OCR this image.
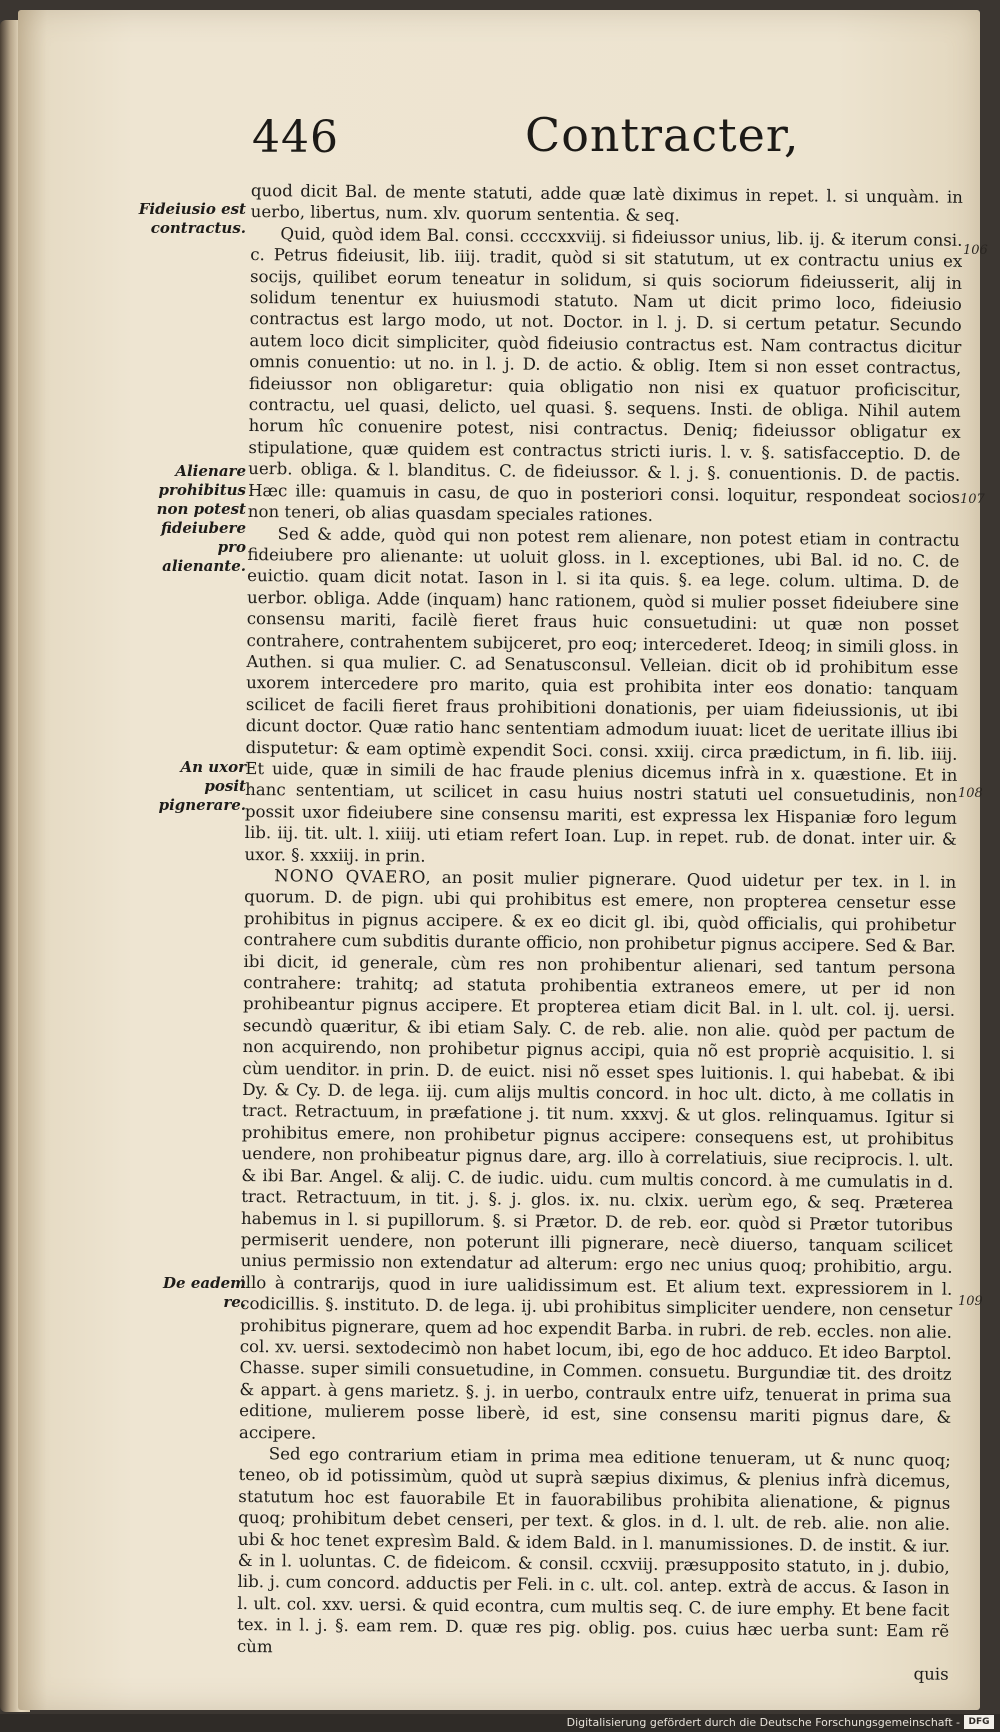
446	Contracter,
Fideiusio est contractus.
Alienare prohibitus non potest fideiubere pro alienante.
An uxor posit pignerare.
De eadem re.
106
107
108
109

quod dicit Bal. de mente statuti, adde quæ latè diximus in repet. l. si unquàm. in uerbo, libertus, num. xlv. quorum sententia. & seq.

Quid, quòd idem Bal. consi. ccccxxviij. si fideiussor unius, lib. ij. & iterum consi. c. Petrus fideiusit, lib. iiij. tradit, quòd si sit statutum, ut ex contractu unius ex socijs, quilibet eorum teneatur in solidum, si quis sociorum fideiusserit, alij in solidum tenentur ex huiusmodi statuto. Nam ut dicit primo loco, fideiusio contractus est largo modo, ut not. Doctor. in l. j. D. si certum petatur. Secundo autem loco dicit simpliciter, quòd fideiusio contractus est. Nam contractus dicitur omnis conuentio: ut no. in l. j. D. de actio. & oblig. Item si non esset contractus, fideiussor non obligaretur: quia obligatio non nisi ex quatuor proficiscitur, contractu, uel quasi, delicto, uel quasi. §. sequens. Insti. de obliga. Nihil autem horum hîc conuenire potest, nisi contractus. Deniq; fideiussor obligatur ex stipulatione, quæ quidem est contractus stricti iuris. l. v. §. satisfacceptio. D. de uerb. obliga. & l. blanditus. C. de fideiussor. & l. j. §. conuentionis. D. de pactis. Hæc ille: quamuis in casu, de quo in posteriori consi. loquitur, respondeat socios non teneri, ob alias quasdam speciales rationes.

Sed & adde, quòd qui non potest rem alienare, non potest etiam in contractu fideiubere pro alienante: ut uoluit gloss. in l. exceptiones, ubi Bal. id no. C. de euictio. quam dicit notat. Iason in l. si ita quis. §. ea lege. colum. ultima. D. de uerbor. obliga. Adde (inquam) hanc rationem, quòd si mulier posset fideiubere sine consensu mariti, facilè fieret fraus huic consuetudini: ut quæ non posset contrahere, contrahentem subijceret, pro eoq; intercederet. Ideoq; in simili gloss. in Authen. si qua mulier. C. ad Senatusconsul. Velleian. dicit ob id prohibitum esse uxorem intercedere pro marito, quia est prohibita inter eos donatio: tanquam scilicet de facili fieret fraus prohibitioni donationis, per uiam fideiussionis, ut ibi dicunt doctor. Quæ ratio hanc sententiam admodum iuuat: licet de ueritate illius ibi disputetur: & eam optimè expendit Soci. consi. xxiij. circa prædictum, in fi. lib. iiij. Et uide, quæ in simili de hac fraude plenius dicemus infrà in x. quæstione. Et in hanc sententiam, ut scilicet in casu huius nostri statuti uel consuetudinis, non possit uxor fideiubere sine consensu mariti, est expressa lex Hispaniæ foro legum lib. iij. tit. ult. l. xiiij. uti etiam refert Ioan. Lup. in repet. rub. de donat. inter uir. & uxor. §. xxxiij. in prin.

NONO QVAERO, an posit mulier pignerare. Quod uidetur per tex. in l. in quorum. D. de pign. ubi qui prohibitus est emere, non propterea censetur esse prohibitus in pignus accipere. & ex eo dicit gl. ibi, quòd officialis, qui prohibetur contrahere cum subditis durante officio, non prohibetur pignus accipere. Sed & Bar. ibi dicit, id generale, cùm res non prohibentur alienari, sed tantum persona contrahere: trahitq; ad statuta prohibentia extraneos emere, ut per id non prohibeantur pignus accipere. Et propterea etiam dicit Bal. in l. ult. col. ij. uersi. secundò quæritur, & ibi etiam Saly. C. de reb. alie. non alie. quòd per pactum de non acquirendo, non prohibetur pignus accipi, quia nõ est propriè acquisitio. l. si cùm uenditor. in prin. D. de euict. nisi nõ esset spes luitionis. l. qui habebat. & ibi Dy. & Cy. D. de lega. iij. cum alijs multis concord. in hoc ult. dicto, à me collatis in tract. Retractuum, in præfatione j. tit num. xxxvj. & ut glos. relinquamus. Igitur si prohibitus emere, non prohibetur pignus accipere: consequens est, ut prohibitus uendere, non prohibeatur pignus dare, arg. illo à correlatiuis, siue reciprocis. l. ult. & ibi Bar. Angel. & alij. C. de iudic. uidu. cum multis concord. à me cumulatis in d. tract. Retractuum, in tit. j. §. j. glos. ix. nu. clxix. uerùm ego, & seq. Præterea habemus in l. si pupillorum. §. si Prætor. D. de reb. eor. quòd si Prætor tutoribus permiserit uendere, non poterunt illi pignerare, necè diuerso, tanquam scilicet unius permissio non extendatur ad alterum: ergo nec unius quoq; prohibitio, argu. illo à contrarijs, quod in iure ualidissimum est. Et alium text. expressiorem in l. codicillis. §. instituto. D. de lega. ij. ubi prohibitus simpliciter uendere, non censetur prohibitus pignerare, quem ad hoc expendit Barba. in rubri. de reb. eccles. non alie. col. xv. uersi. sextodecimò non habet locum, ibi, ego de hoc adduco. Et ideo Barptol. Chasse. super simili consuetudine, in Commen. consuetu. Burgundiæ tit. des droitz & appart. à gens marietz. §. j. in uerbo, contraulx entre uifz, tenuerat in prima sua editione, mulierem posse liberè, id est, sine consensu mariti pignus dare, & accipere.

Sed ego contrarium etiam in prima mea editione tenueram, ut & nunc quoq; teneo, ob id potissimùm, quòd ut suprà sæpius diximus, & plenius infrà dicemus, statutum hoc est fauorabile Et in fauorabilibus prohibita alienatione, & pignus quoq; prohibitum debet censeri, per text. & glos. in d. l. ult. de reb. alie. non alie. ubi & hoc tenet expresìm Bald. & idem Bald. in l. manumissiones. D. de instit. & iur. & in l. uoluntas. C. de fideicom. & consil. ccxviij. præsupposito statuto, in j. dubio, lib. j. cum concord. adductis per Feli. in c. ult. col. antep. extrà de accus. & Iason in l. ult. col. xxv. uersi. & quid econtra, cum multis seq. C. de iure emphy. Et bene facit tex. in l. j. §. eam rem. D. quæ res pig. oblig. pos. cuius hæc uerba sunt: Eam rẽ cùm

quis

Digitalisierung gefördert durch die Deutsche Forschungsgemeinschaft - DFG
